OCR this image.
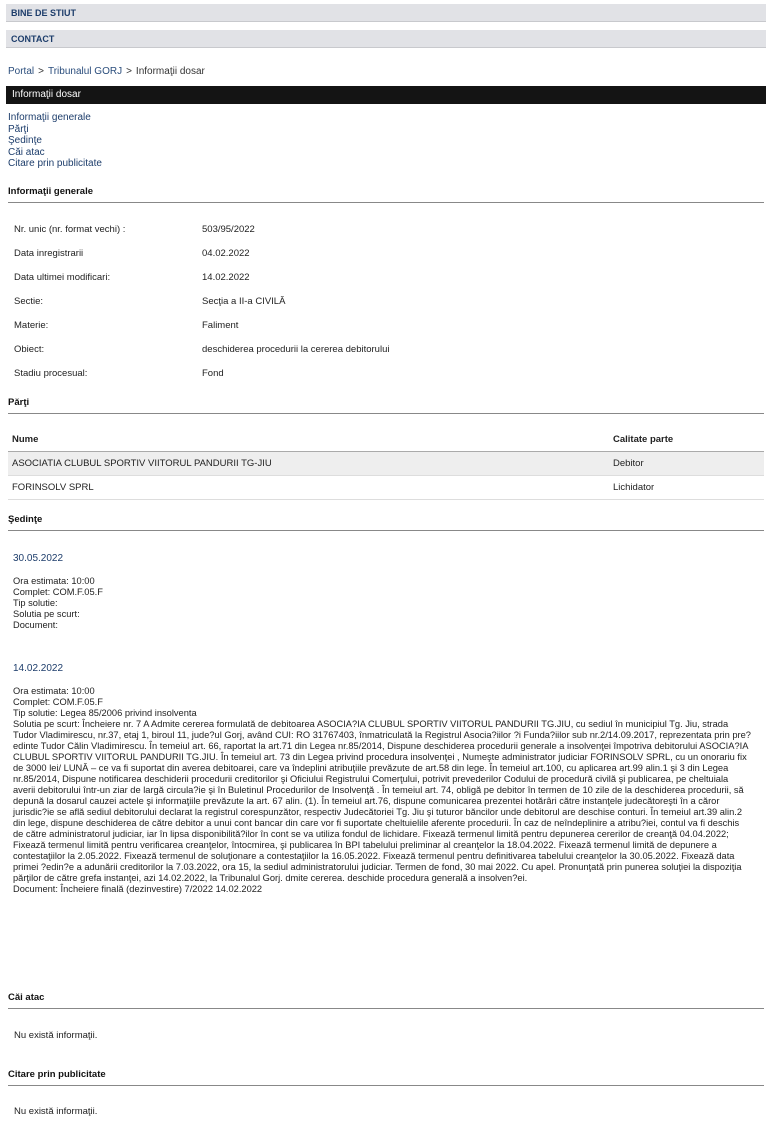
BINE DE STIUT
CONTACT
Portal > Tribunalul GORJ > Informaţii dosar
Informaţii dosar
Informaţii generale
Părţi
Şedinţe
Căi atac
Citare prin publicitate
Informaţii generale
Nr. unic (nr. format vechi) :	503/95/2022
Data inregistrarii	04.02.2022
Data ultimei modificari:	14.02.2022
Sectie:	Secţia a II-a CIVILĂ
Materie:	Faliment
Obiect:	deschiderea procedurii la cererea debitorului
Stadiu procesual:	Fond
Părţi
Nume	Calitate parte
ASOCIATIA CLUBUL SPORTIV VIITORUL PANDURII TG-JIU	Debitor
FORINSOLV SPRL	Lichidator
Şedinţe
30.05.2022
Ora estimata: 10:00
Complet: COM.F.05.F
Tip solutie:
Solutia pe scurt:
Document:
14.02.2022
Ora estimata: 10:00
Complet: COM.F.05.F
Tip solutie: Legea 85/2006 privind insolventa
Solutia pe scurt: Încheiere nr. 7 A Admite cererea formulată de debitoarea ASOCIA?IA CLUBUL SPORTIV VIITORUL PANDURII TG.JIU, cu sediul în municipiul Tg. Jiu, strada Tudor Vladimirescu, nr.37, etaj 1, biroul 11, jude?ul Gorj, având CUI: RO 31767403, înmatriculată la Registrul Asocia?iilor ?i Funda?iilor sub nr.2/14.09.2017, reprezentata prin pre?edinte Tudor Călin Vladimirescu. În temeiul art. 66, raportat la art.71 din Legea nr.85/2014, Dispune deschiderea procedurii generale a insolvenţei împotriva debitorului ASOCIA?IA CLUBUL SPORTIV VIITORUL PANDURII TG.JIU. În temeiul art. 73 din Legea privind procedura insolvenţei , Numeşte administrator judiciar FORINSOLV SPRL, cu un onorariu fix de 3000 lei/ LUNĂ – ce va fi suportat din averea debitoarei, care va îndeplini atribuţiile prevăzute de art.58 din lege. În temeiul art.100, cu aplicarea art.99 alin.1 şi 3 din Legea nr.85/2014, Dispune notificarea deschiderii procedurii creditorilor şi Oficiului Registrului Comerţului, potrivit prevederilor Codului de procedură civilă şi publicarea, pe cheltuiala averii debitorului într-un ziar de largă circula?ie şi în Buletinul Procedurilor de Insolvenţă . În temeiul art. 74, obligă pe debitor în termen de 10 zile de la deschiderea procedurii, să depună la dosarul cauzei actele şi informaţiile prevăzute la art. 67 alin. (1). În temeiul art.76, dispune comunicarea prezentei hotărâri către instanţele judecătoreşti în a căror jurisdic?ie se află sediul debitorului declarat la registrul corespunzător, respectiv Judecătoriei Tg. Jiu şi tuturor băncilor unde debitorul are deschise conturi. În temeiul art.39 alin.2 din lege, dispune deschiderea de către debitor a unui cont bancar din care vor fi suportate cheltuielile aferente procedurii. În caz de neîndeplinire a atribu?iei, contul va fi deschis de către administratorul judiciar, iar în lipsa disponibilită?ilor în cont se va utiliza fondul de lichidare. Fixează termenul limită pentru depunerea cererilor de creanţă 04.04.2022; Fixează termenul limită pentru verificarea creanţelor, întocmirea, şi publicarea în BPI tabelului preliminar al creanţelor la 18.04.2022. Fixează termenul limită de depunere a contestaţiilor la 2.05.2022. Fixează termenul de soluţionare a contestaţiilor la 16.05.2022. Fixează termenul pentru definitivarea tabelului creanţelor la 30.05.2022. Fixează data primei ?edin?e a adunării creditorilor la 7.03.2022, ora 15, la sediul administratorului judiciar. Termen de fond, 30 mai 2022. Cu apel. Pronunţată prin punerea soluţiei la dispoziţia părţilor de către grefa instanţei, azi 14.02.2022, la Tribunalul Gorj. dmite cererea. deschide procedura generală a insolven?ei.
Document: Încheiere finală (dezinvestire) 7/2022 14.02.2022
Căi atac
Nu există informaţii.
Citare prin publicitate
Nu există informaţii.
